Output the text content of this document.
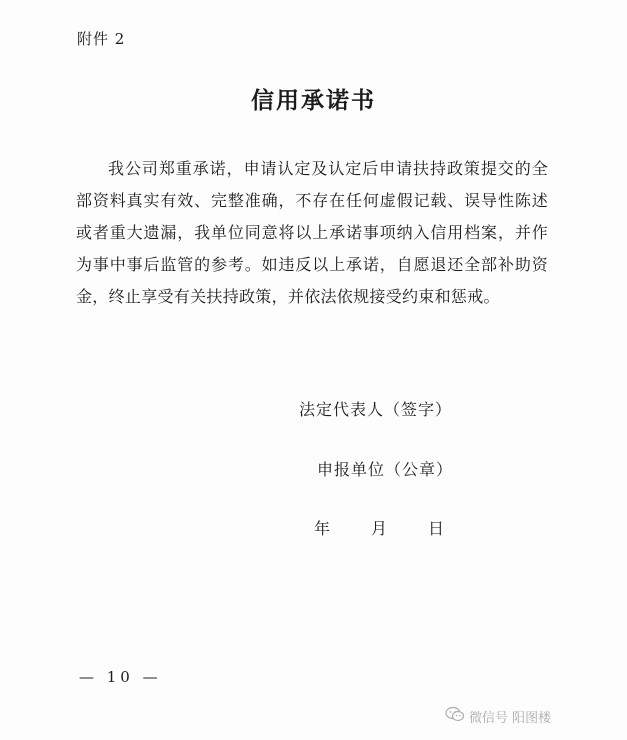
附件 2
信用承诺书

我公司郑重承诺，申请认定及认定后申请扶持政策提交的全部资料真实有效、完整准确，不存在任何虚假记载、误导性陈述或者重大遗漏，我单位同意将以上承诺事项纳入信用档案，并作为事中事后监管的参考。如违反以上承诺，自愿退还全部补助资金，终止享受有关扶持政策，并依法依规接受约束和惩戒。

法定代表人（签字）
申报单位（公章）
年	月	日
— 10 —
微信号 阳图楼
